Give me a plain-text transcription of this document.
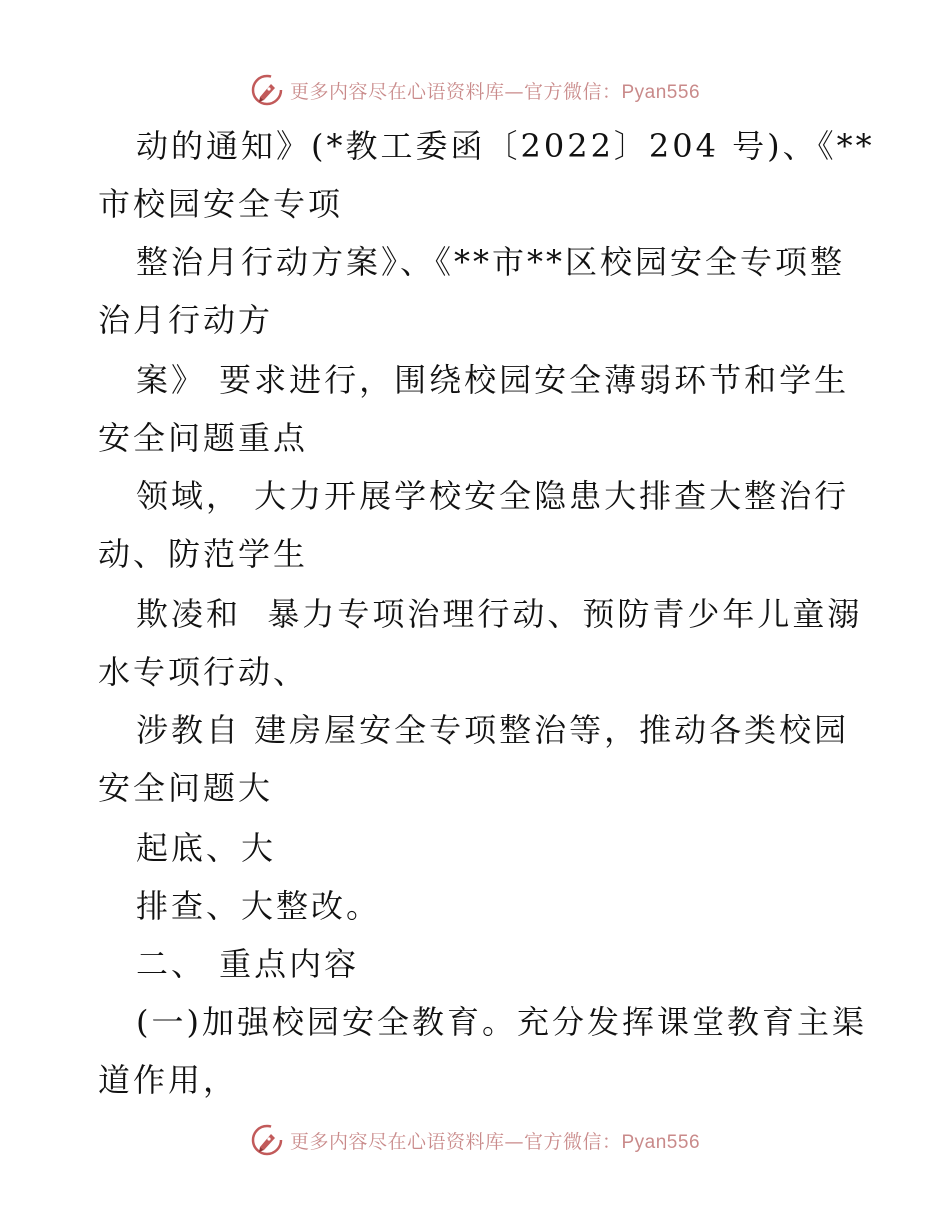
更多内容尽在心语资料库—官方微信：Pyan556
动的通知》(*教工委函〔2022〕204 号)、《**
市校园安全专项
整治月行动方案》、《**市**区校园安全专项整
治月行动方
案》 要求进行，围绕校园安全薄弱环节和学生
安全问题重点
领域， 大力开展学校安全隐患大排查大整治行
动、防范学生
欺凌和  暴力专项治理行动、预防青少年儿童溺
水专项行动、
涉教自 建房屋安全专项整治等，推动各类校园
安全问题大
起底、大
排查、大整改。
二、 重点内容
(一)加强校园安全教育。充分发挥课堂教育主渠
道作用，
更多内容尽在心语资料库—官方微信：Pyan556
